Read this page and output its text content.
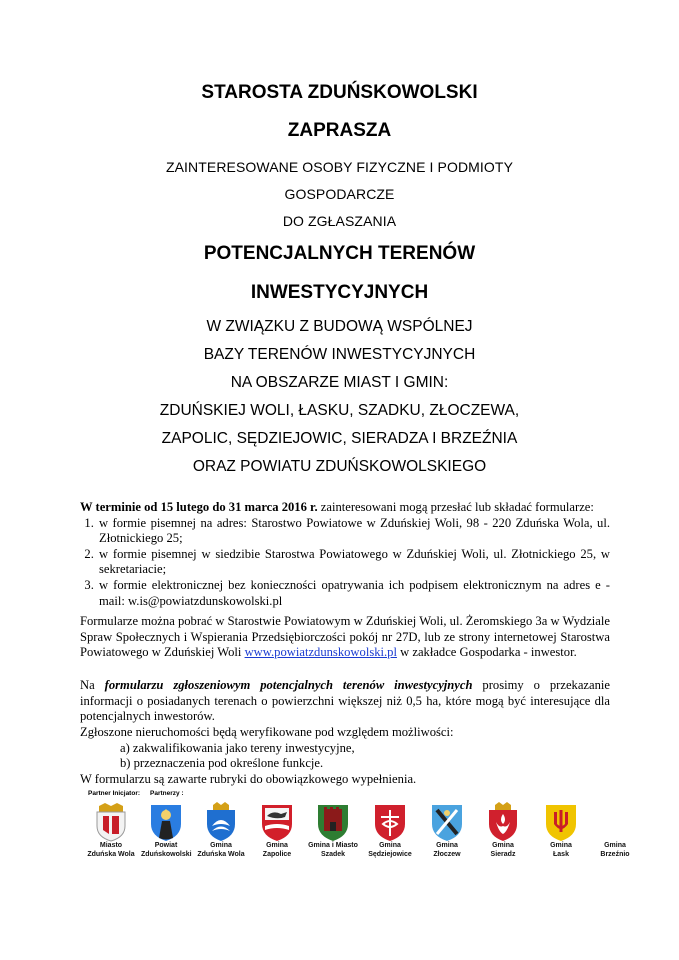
STAROSTA ZDUŃSKOWOLSKI
ZAPRASZA
ZAINTERESOWANE OSOBY FIZYCZNE I PODMIOTY
GOSPODARCZE
DO ZGŁASZANIA
POTENCJALNYCH TERENÓW
INWESTYCYJNYCH
W ZWIĄZKU Z BUDOWĄ WSPÓLNEJ
BAZY TERENÓW INWESTYCYJNYCH
NA OBSZARZE MIAST I GMIN:
ZDUŃSKIEJ WOLI, ŁASKU, SZADKU, ZŁOCZEWA,
ZAPOLIC, SĘDZIEJOWIC, SIERADZA I BRZEŹNIA
ORAZ POWIATU ZDUŃSKOWOLSKIEGO
W terminie od 15 lutego do 31 marca 2016 r. zainteresowani mogą przesłać lub składać formularze:
1. w formie pisemnej na adres: Starostwo Powiatowe w Zduńskiej Woli, 98 - 220 Zduńska Wola, ul. Złotnickiego 25;
2. w formie pisemnej w siedzibie Starostwa Powiatowego w Zduńskiej Woli, ul. Złotnickiego 25, w sekretariacie;
3. w formie elektronicznej bez konieczności opatrywania ich podpisem elektronicznym na adres e - mail: w.is@powiatzdunskowolski.pl
Formularze można pobrać w Starostwie Powiatowym w Zduńskiej Woli, ul. Żeromskiego 3a w Wydziale Spraw Społecznych i Wspierania Przedsiębiorczości pokój nr 27D, lub ze strony internetowej Starostwa Powiatowego w Zduńskiej Woli www.powiatzdunskowolski.pl w zakładce Gospodarka - inwestor.
Na formularzu zgłoszeniowym potencjalnych terenów inwestycyjnych prosimy o przekazanie informacji o posiadanych terenach o powierzchni większej niż 0,5 ha, które mogą być interesujące dla potencjalnych inwestorów.
Zgłoszone nieruchomości będą weryfikowane pod względem możliwości:
a) zakwalifikowania jako tereny inwestycyjne,
b) przeznaczenia pod określone funkcje.
W formularzu są zawarte rubryki do obowiązkowego wypełnienia.
Partner Inicjator: Partnerzy :
Miasto
Zduńska Wola
Powiat
Zduńskowolski
Gmina
Zduńska Wola
Gmina
Zapolice
Gmina i Miasto
Szadek
Gmina
Sędziejowice
Gmina
Złoczew
Gmina
Sieradz
Gmina
Łask
Gmina
Brzeźnio
